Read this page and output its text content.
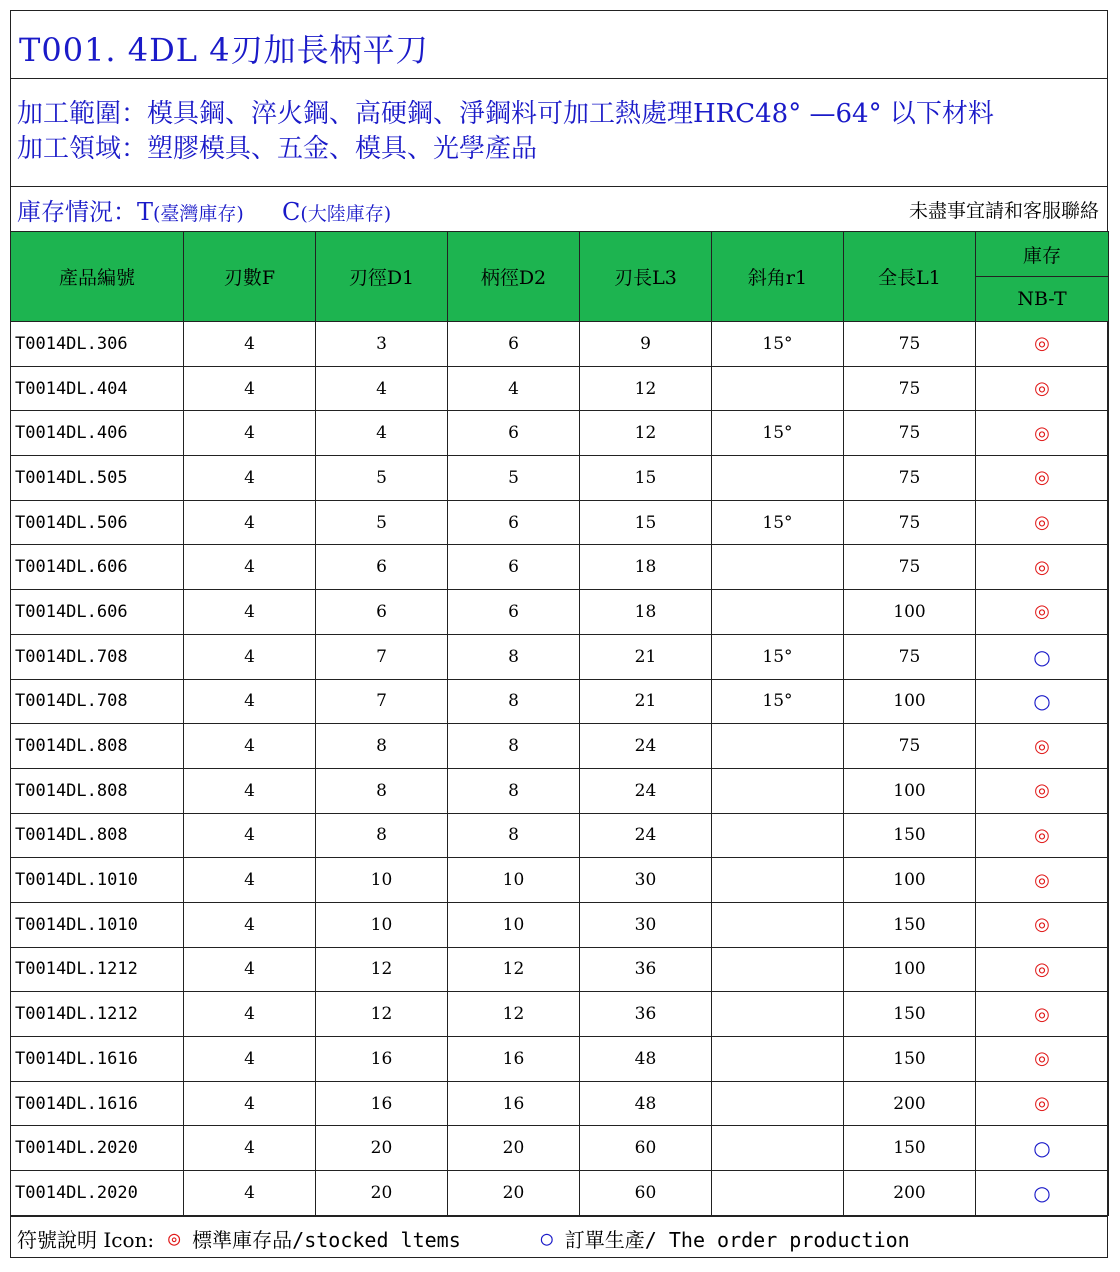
T001. 4DL 4刃加長柄平刀
加工範圍：模具鋼、淬火鋼、高硬鋼、淨鋼料可加工熱處理HRC48° —64° 以下材料
加工領域：塑膠模具、五金、模具、光學產品
庫存情況：T(臺灣庫存) C(大陸庫存)	未盡事宜請和客服聯絡
產品編號	刃數F	刃徑D1	柄徑D2	刃長L3	斜角r1	全長L1	庫存
							NB-T
T0014DL.306	4	3	6	9	15°	75	◎
T0014DL.404	4	4	4	12		75	◎
T0014DL.406	4	4	6	12	15°	75	◎
T0014DL.505	4	5	5	15		75	◎
T0014DL.506	4	5	6	15	15°	75	◎
T0014DL.606	4	6	6	18		75	◎
T0014DL.606	4	6	6	18		100	◎
T0014DL.708	4	7	8	21	15°	75	○
T0014DL.708	4	7	8	21	15°	100	○
T0014DL.808	4	8	8	24		75	◎
T0014DL.808	4	8	8	24		100	◎
T0014DL.808	4	8	8	24		150	◎
T0014DL.1010	4	10	10	30		100	◎
T0014DL.1010	4	10	10	30		150	◎
T0014DL.1212	4	12	12	36		100	◎
T0014DL.1212	4	12	12	36		150	◎
T0014DL.1616	4	16	16	48		150	◎
T0014DL.1616	4	16	16	48		200	◎
T0014DL.2020	4	20	20	60		150	○
T0014DL.2020	4	20	20	60		200	○
符號說明 Icon: ◎ 標準庫存品/stocked ltems	○ 訂單生產/ The order production
